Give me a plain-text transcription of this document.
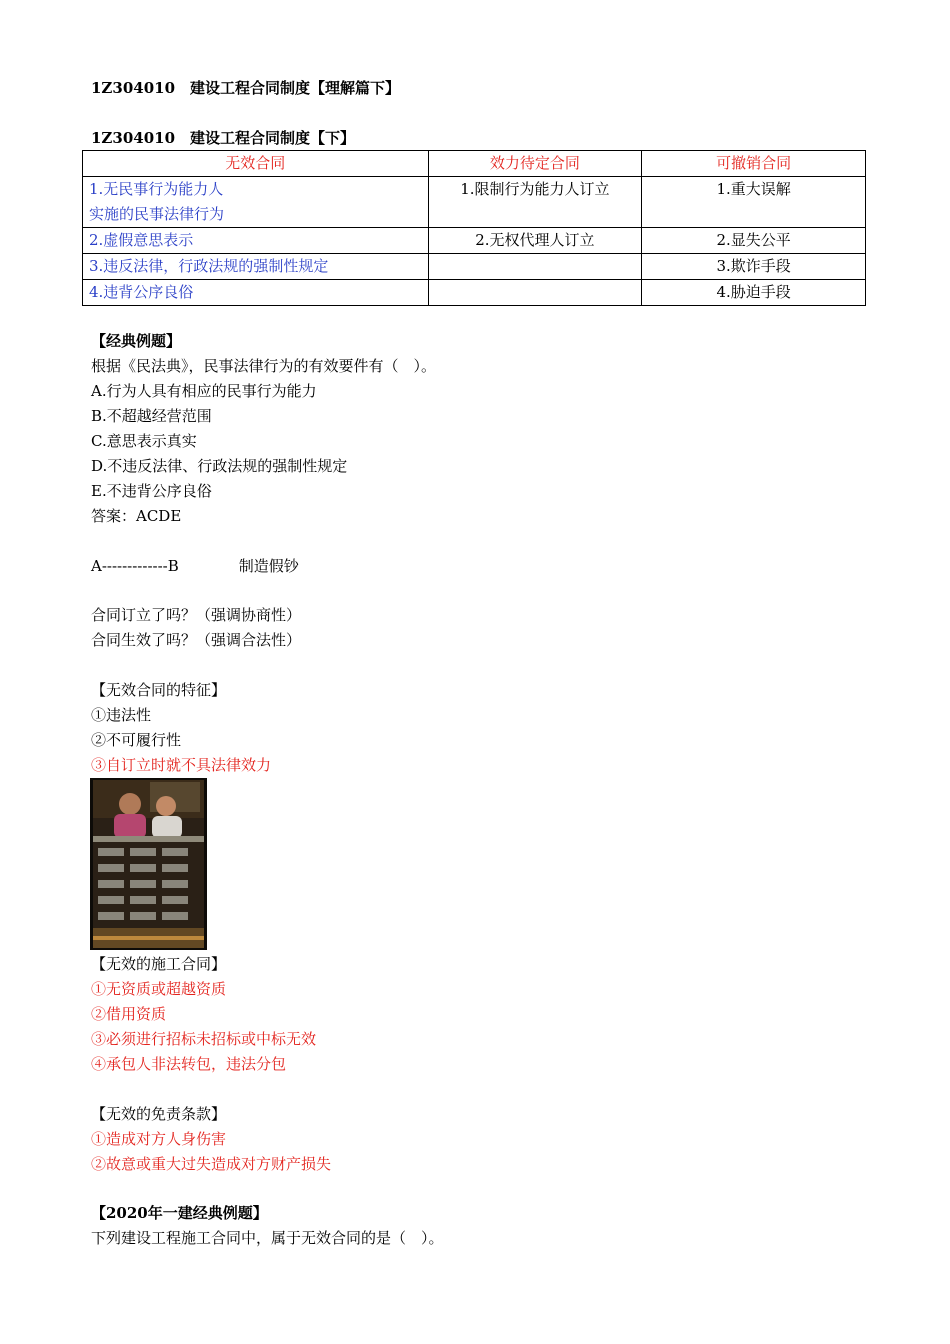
1Z304010　建设工程合同制度【理解篇下】
1Z304010　建设工程合同制度【下】
无效合同	效力待定合同	可撤销合同

1.无民事行为能力人
实施的民事法律行为	1.限制行为能力人订立	1.重大误解
2.虚假意思表示	2.无权代理人订立	2.显失公平
3.违反法律，行政法规的强制性规定		3.欺诈手段
4.违背公序良俗		4.胁迫手段
【经典例题】
根据《民法典》，民事法律行为的有效要件有（　）。
A.行为人具有相应的民事行为能力
B.不超越经营范围
C.意思表示真实
D.不违反法律、行政法规的强制性规定
E.不违背公序良俗
答案：ACDE
A-------------B　　　　制造假钞
合同订立了吗？（强调协商性）
合同生效了吗？（强调合法性）
【无效合同的特征】
①违法性
②不可履行性
③自订立时就不具法律效力
【无效的施工合同】
①无资质或超越资质
②借用资质
③必须进行招标未招标或中标无效
④承包人非法转包，违法分包
【无效的免责条款】
①造成对方人身伤害
②故意或重大过失造成对方财产损失
【2020年一建经典例题】
下列建设工程施工合同中，属于无效合同的是（　）。
